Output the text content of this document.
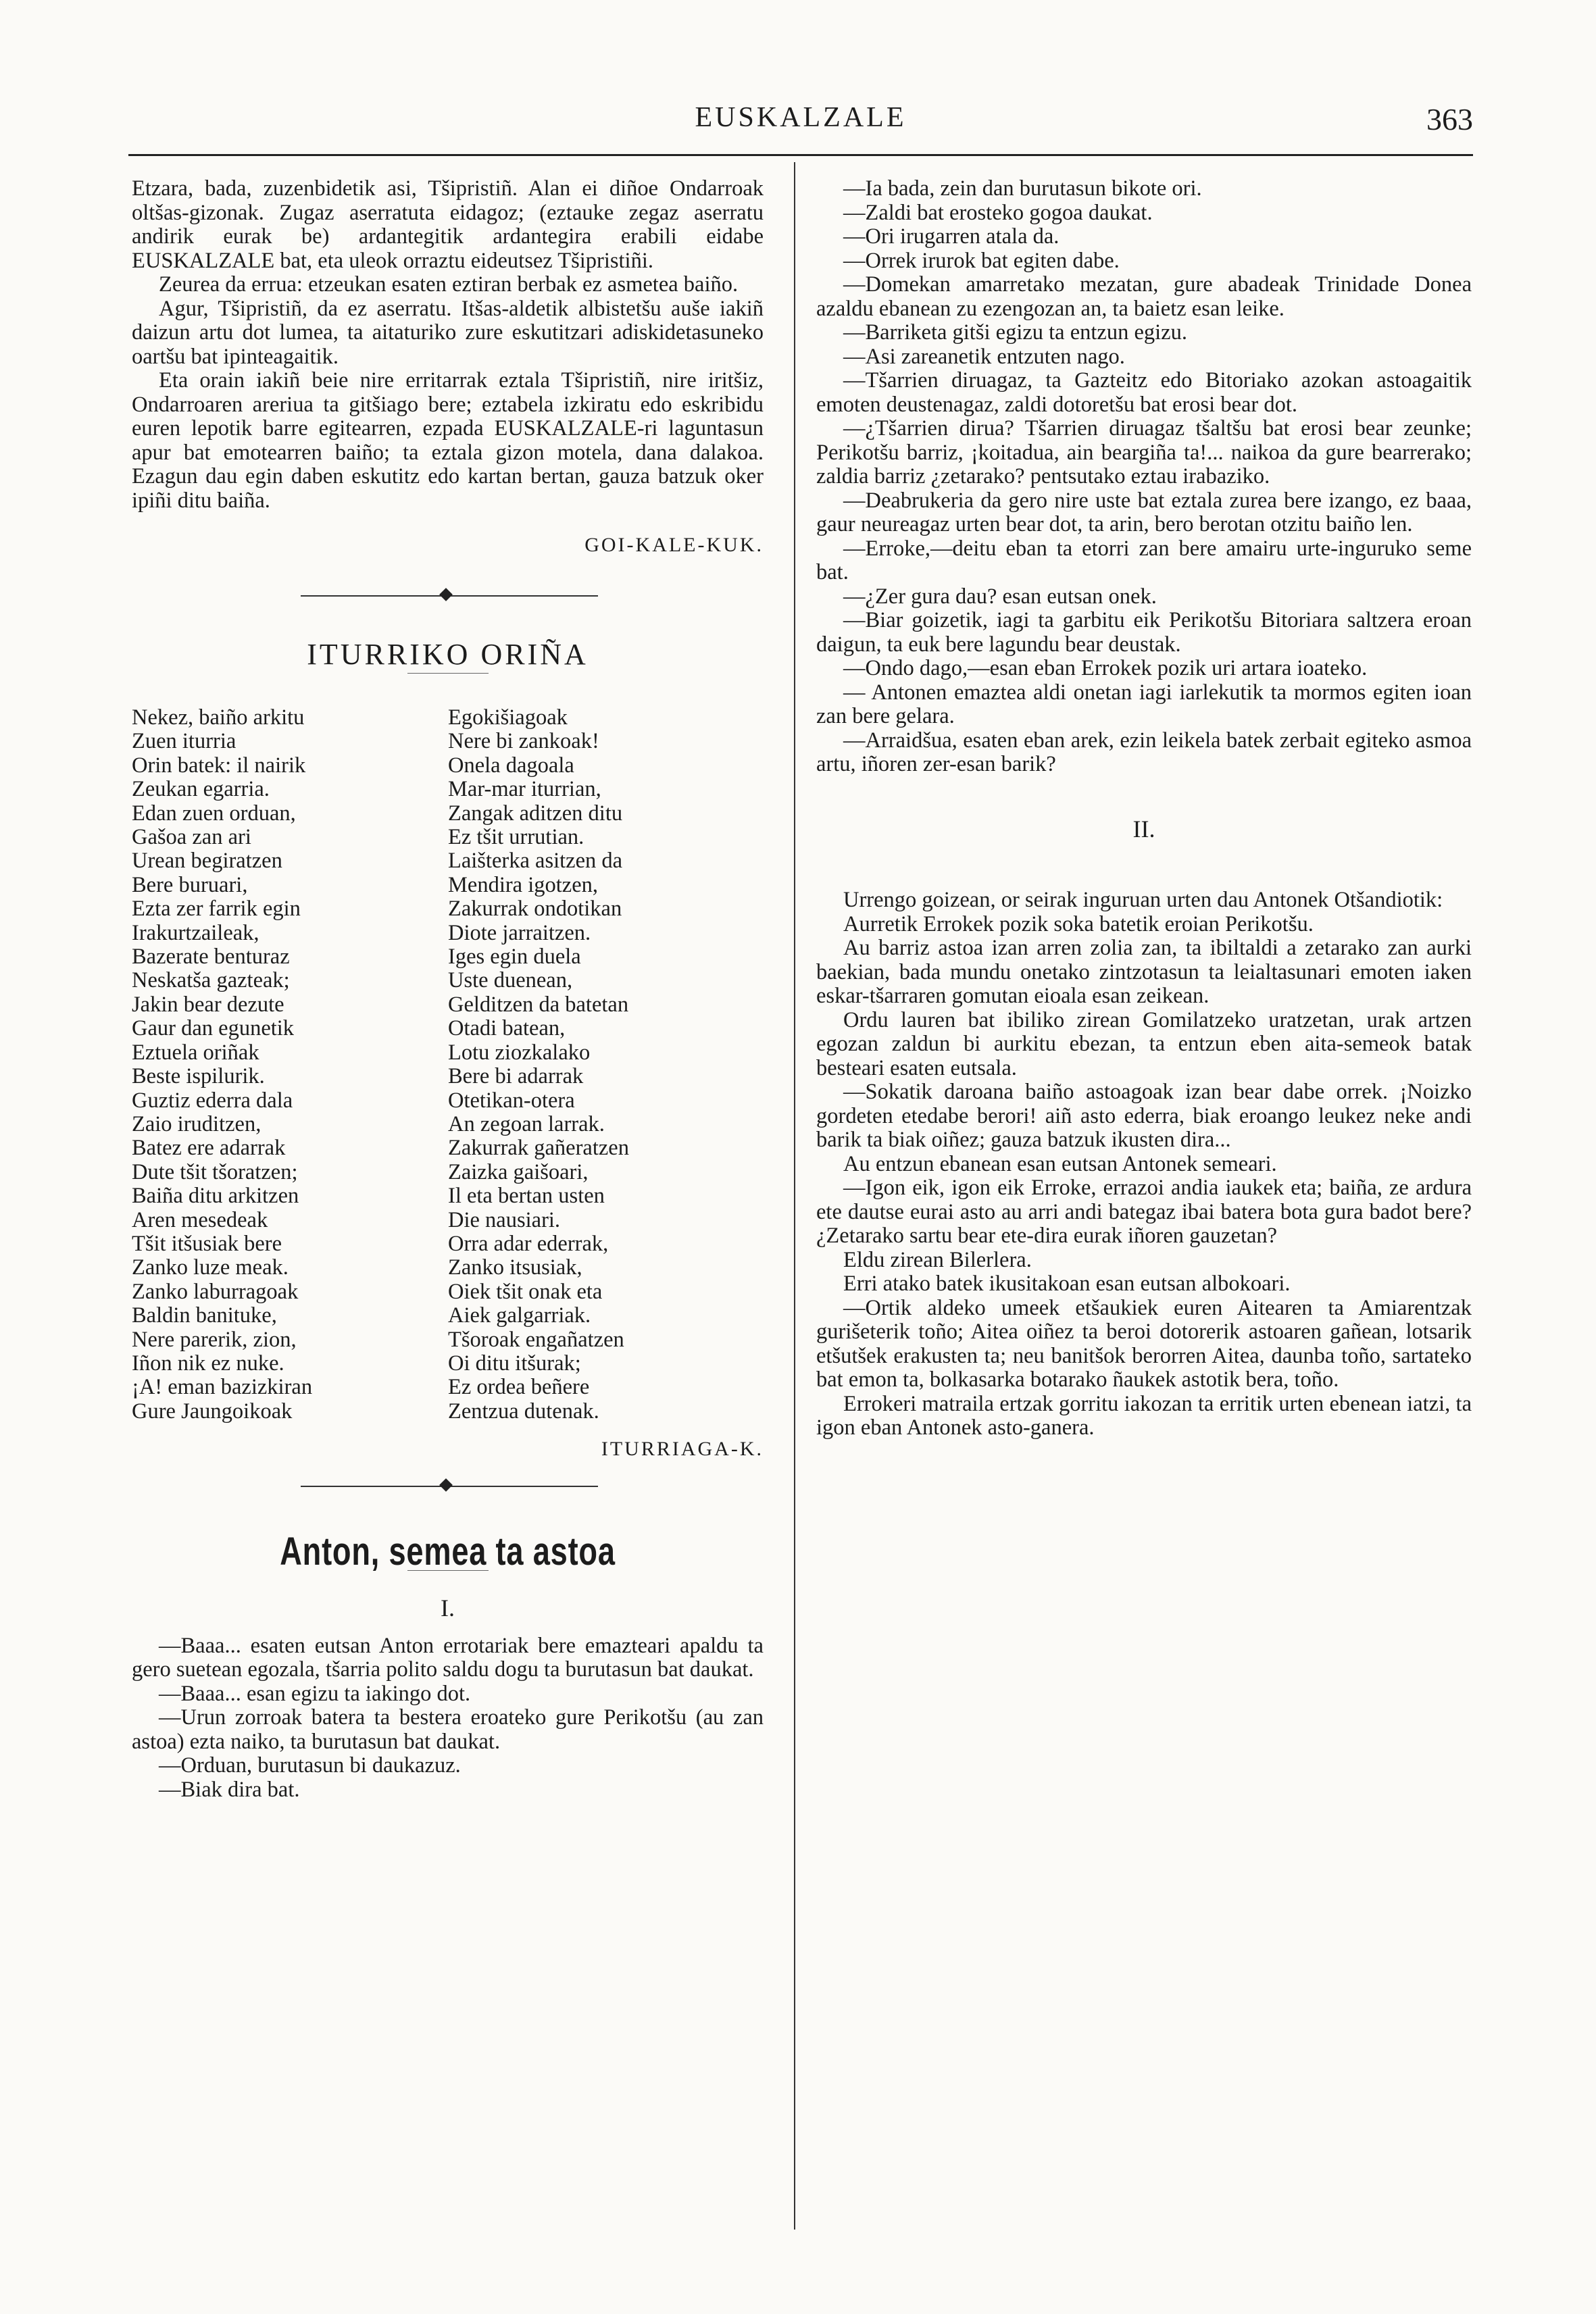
EUSKALZALE	363

Etzara, bada, zuzenbidetik asi, Tšipristiñ. Alan ei diñoe Ondarroak oltšas-gizonak. Zugaz aserratuta eidagoz; (eztauke zegaz aserratu andirik eurak be) ardantegitik ardantegira erabili eidabe EUSKALZALE bat, eta uleok orraztu eideutsez Tšipristiñi.

Zeurea da errua: etzeukan esaten eztiran berbak ez asmetea baiño.

Agur, Tšipristiñ, da ez aserratu. Itšas-aldetik albistetšu auše iakiñ daizun artu dot lumea, ta aitaturiko zure eskutitzari adiskidetasuneko oartšu bat ipinteagaitik.

Eta orain iakiñ beie nire erritarrak eztala Tšipristiñ, nire iritšiz, Ondarroaren areriua ta gitšiago bere; eztabela izkiratu edo eskribidu euren lepotik barre egitearren, ezpada EUSKALZALE-ri laguntasun apur bat emotearren baiño; ta eztala gizon motela, dana dalakoa. Ezagun dau egin daben eskutitz edo kartan bertan, gauza batzuk oker ipiñi ditu baiña.

GOI-KALE-KUK.
ITURRIKO ORIÑA
Nekez, baiño arkitu
Zuen iturria
Orin batek: il nairik
Zeukan egarria.
Edan zuen orduan,
Gašoa zan ari
Urean begiratzen
Bere buruari,
Ezta zer farrik egin
Irakurtzaileak,
Bazerate benturaz
Neskatša gazteak;
Jakin bear dezute
Gaur dan egunetik
Eztuela oriñak
Beste ispilurik.
Guztiz ederra dala
Zaio iruditzen,
Batez ere adarrak
Dute tšit tšoratzen;
Baiña ditu arkitzen
Aren mesedeak
Tšit itšusiak bere
Zanko luze meak.
Zanko laburragoak
Baldin banituke,
Nere parerik, zion,
Iñon nik ez nuke.
¡A! eman bazizkiran
Gure Jaungoikoak
Egokišiagoak
Nere bi zankoak!
Onela dagoala
Mar-mar iturrian,
Zangak aditzen ditu
Ez tšit urrutian.
Laišterka asitzen da
Mendira igotzen,
Zakurrak ondotikan
Diote jarraitzen.
Iges egin duela
Uste duenean,
Gelditzen da batetan
Otadi batean,
Lotu ziozkalako
Bere bi adarrak
Otetikan-otera
An zegoan larrak.
Zakurrak gañeratzen
Zaizka gaišoari,
Il eta bertan usten
Die nausiari.
Orra adar ederrak,
Zanko itsusiak,
Oiek tšit onak eta
Aiek galgarriak.
Tšoroak engañatzen
Oi ditu itšurak;
Ez ordea beñere
Zentzua dutenak.
ITURRIAGA-K.
Anton, semea ta astoa
I.

—Baaa... esaten eutsan Anton errotariak bere emazteari apaldu ta gero suetean egozala, tšarria polito saldu dogu ta burutasun bat daukat.

—Baaa... esan egizu ta iakingo dot.

—Urun zorroak batera ta bestera eroateko gure Perikotšu (au zan astoa) ezta naiko, ta burutasun bat daukat.

—Orduan, burutasun bi daukazuz.

—Biak dira bat.

—Ia bada, zein dan burutasun bikote ori.

—Zaldi bat erosteko gogoa daukat.

—Ori irugarren atala da.

—Orrek irurok bat egiten dabe.

—Domekan amarretako mezatan, gure abadeak Trinidade Donea azaldu ebanean zu ezengozan an, ta baietz esan leike.

—Barriketa gitši egizu ta entzun egizu.

—Asi zareanetik entzuten nago.

—Tšarrien diruagaz, ta Gazteitz edo Bitoriako azokan astoagaitik emoten deustenagaz, zaldi dotoretšu bat erosi bear dot.

—¿Tšarrien dirua? Tšarrien diruagaz tšaltšu bat erosi bear zeunke; Perikotšu barriz, ¡koitadua, ain beargiña ta!... naikoa da gure bearrerako; zaldia barriz ¿zetarako? pentsutako eztau irabaziko.

—Deabrukeria da gero nire uste bat eztala zurea bere izango, ez baaa, gaur neureagaz urten bear dot, ta arin, bero berotan otzitu baiño len.

—Erroke,—deitu eban ta etorri zan bere amairu urte-inguruko seme bat.

—¿Zer gura dau? esan eutsan onek.

—Biar goizetik, iagi ta garbitu eik Perikotšu Bitoriara saltzera eroan daigun, ta euk bere lagundu bear deustak.

—Ondo dago,—esan eban Errokek pozik uri artara ioateko.

— Antonen emaztea aldi onetan iagi iarlekutik ta mormos egiten ioan zan bere gelara.

—Arraidšua, esaten eban arek, ezin leikela batek zerbait egiteko asmoa artu, iñoren zer-esan barik?

II.

Urrengo goizean, or seirak inguruan urten dau Antonek Otšandiotik:

Aurretik Errokek pozik soka batetik eroian Perikotšu.

Au barriz astoa izan arren zolia zan, ta ibiltaldi a zetarako zan aurki baekian, bada mundu onetako zintzotasun ta leialtasunari emoten iaken eskar-tšarraren gomutan eioala esan zeikean.

Ordu lauren bat ibiliko zirean Gomilatzeko uratzetan, urak artzen egozan zaldun bi aurkitu ebezan, ta entzun eben aita-semeok batak besteari esaten eutsala.

—Sokatik daroana baiño astoagoak izan bear dabe orrek. ¡Noizko gordeten etedabe berori! aiñ asto ederra, biak eroango leukez neke andi barik ta biak oiñez; gauza batzuk ikusten dira...

Au entzun ebanean esan eutsan Antonek semeari.

—Igon eik, igon eik Erroke, errazoi andia iaukek eta; baiña, ze ardura ete dautse eurai asto au arri andi bategaz ibai batera bota gura badot bere? ¿Zetarako sartu bear ete-dira eurak iñoren gauzetan?

Eldu zirean Bilerlera.

Erri atako batek ikusitakoan esan eutsan albokoari.

—Ortik aldeko umeek etšaukiek euren Aitearen ta Amiarentzak gurišeterik toño; Aitea oiñez ta beroi dotorerik astoaren gañean, lotsarik etšutšek erakusten ta; neu banitšok berorren Aitea, daunba toño, sartateko bat emon ta, bolkasarka botarako ñaukek astotik bera, toño.

Errokeri matraila ertzak gorritu iakozan ta erritik urten ebenean iatzi, ta igon eban Antonek asto-ganera.
